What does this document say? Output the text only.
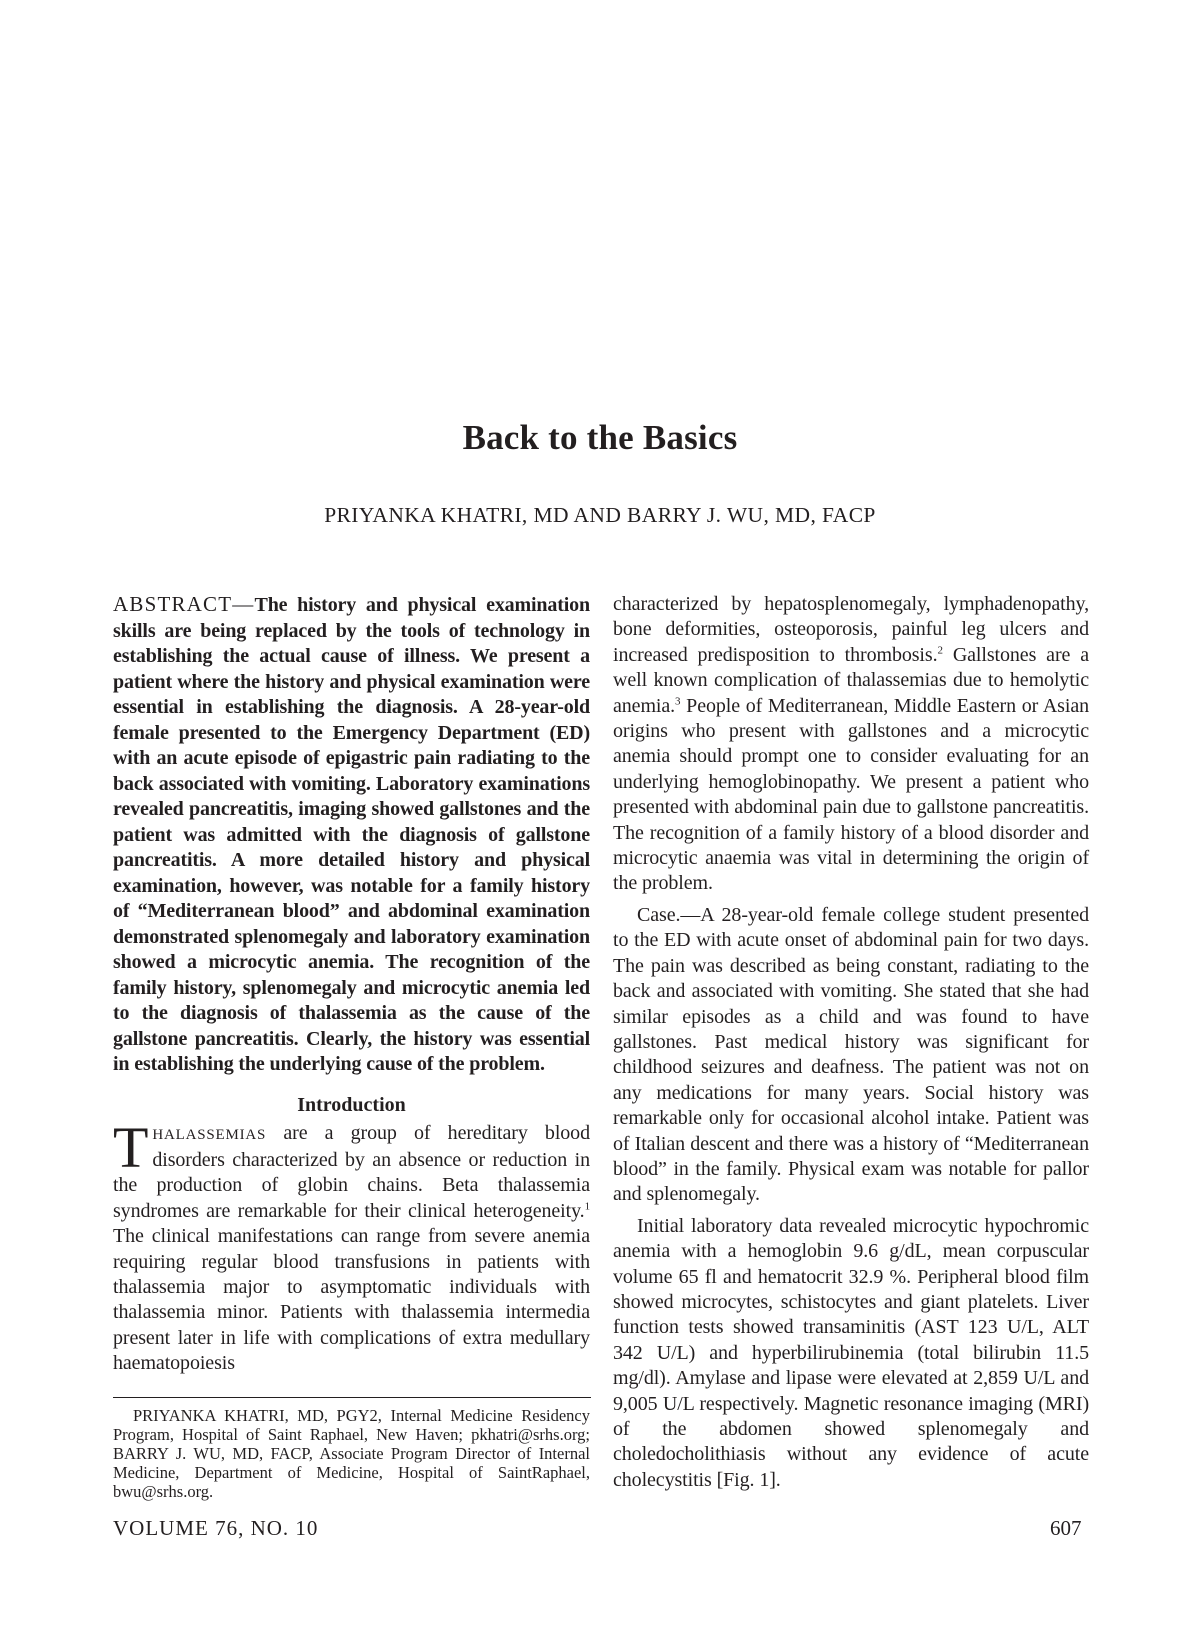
Back to the Basics
PRIYANKA KHATRI, MD AND BARRY J. WU, MD, FACP

ABSTRACT—The history and physical examination skills are being replaced by the tools of technology in establishing the actual cause of illness. We present a patient where the history and physical examination were essential in establishing the diagnosis. A 28-year-old female presented to the Emergency Department (ED) with an acute episode of epigastric pain radiating to the back associated with vomiting. Laboratory examinations revealed pancreatitis, imaging showed gallstones and the patient was admitted with the diagnosis of gallstone pancreatitis. A more detailed history and physical examination, however, was notable for a family history of “Mediterranean blood” and abdominal examination demonstrated splenomegaly and laboratory examination showed a microcytic anemia. The recognition of the family history, splenomegaly and microcytic anemia led to the diagnosis of thalassemia as the cause of the gallstone pancreatitis. Clearly, the history was essential in establishing the underlying cause of the problem.

Introduction

THALASSEMIAS are a group of hereditary blood disorders characterized by an absence or reduction in the production of globin chains. Beta thalassemia syndromes are remarkable for their clinical heterogeneity.$^1$ The clinical manifestations can range from severe anemia requiring regular blood transfusions in patients with thalassemia major to asymptomatic individuals with thalassemia minor. Patients with thalassemia intermedia present later in life with complications of extra medullary haematopoiesis

PRIYANKA KHATRI, MD, PGY2, Internal Medicine Residency Program, Hospital of Saint Raphael, New Haven; pkhatri@srhs.org; BARRY J. WU, MD, FACP, Associate Program Director of Internal Medicine, Department of Medicine, Hospital of SaintRaphael, bwu@srhs.org.

characterized by hepatosplenomegaly, lymphadenopathy, bone deformities, osteoporosis, painful leg ulcers and increased predisposition to thrombosis.$^2$ Gallstones are a well known complication of thalassemias due to hemolytic anemia.$^3$ People of Mediterranean, Middle Eastern or Asian origins who present with gallstones and a microcytic anemia should prompt one to consider evaluating for an underlying hemoglobinopathy. We present a patient who presented with abdominal pain due to gallstone pancreatitis. The recognition of a family history of a blood disorder and microcytic anaemia was vital in determining the origin of the problem.

Case.—A 28-year-old female college student presented to the ED with acute onset of abdominal pain for two days. The pain was described as being constant, radiating to the back and associated with vomiting. She stated that she had similar episodes as a child and was found to have gallstones. Past medical history was significant for childhood seizures and deafness. The patient was not on any medications for many years. Social history was remarkable only for occasional alcohol intake. Patient was of Italian descent and there was a history of “Mediterranean blood” in the family. Physical exam was notable for pallor and splenomegaly.

Initial laboratory data revealed microcytic hypochromic anemia with a hemoglobin 9.6 g/dL, mean corpuscular volume 65 fl and hematocrit 32.9 %. Peripheral blood film showed microcytes, schistocytes and giant platelets. Liver function tests showed transaminitis (AST 123 U/L, ALT 342 U/L) and hyperbilirubinemia (total bilirubin 11.5 mg/dl). Amylase and lipase were elevated at 2,859 U/L and 9,005 U/L respectively. Magnetic resonance imaging (MRI) of the abdomen showed splenomegaly and choledocholithiasis without any evidence of acute cholecystitis [Fig. 1].

VOLUME 76, NO. 10	607
